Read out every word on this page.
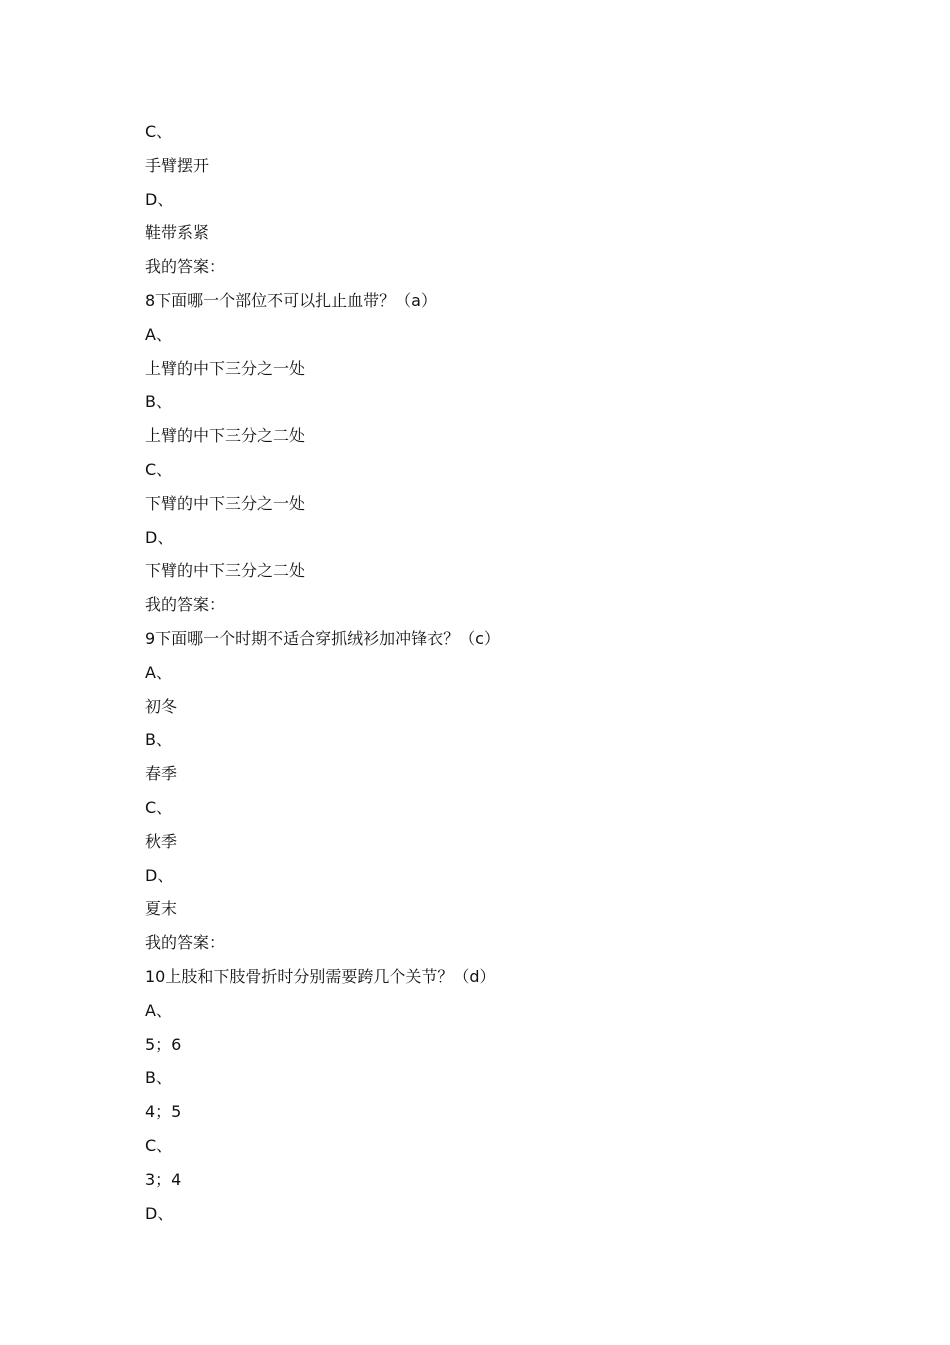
C、
手臂摆开
D、
鞋带系紧
我的答案：
8下面哪一个部位不可以扎止血带？（a）
A、
上臂的中下三分之一处
B、
上臂的中下三分之二处
C、
下臂的中下三分之一处
D、
下臂的中下三分之二处
我的答案：
9下面哪一个时期不适合穿抓绒衫加冲锋衣？（c）
A、
初冬
B、
春季
C、
秋季
D、
夏末
我的答案：
10上肢和下肢骨折时分别需要跨几个关节？（d）
A、
5；6
B、
4；5
C、
3；4
D、
